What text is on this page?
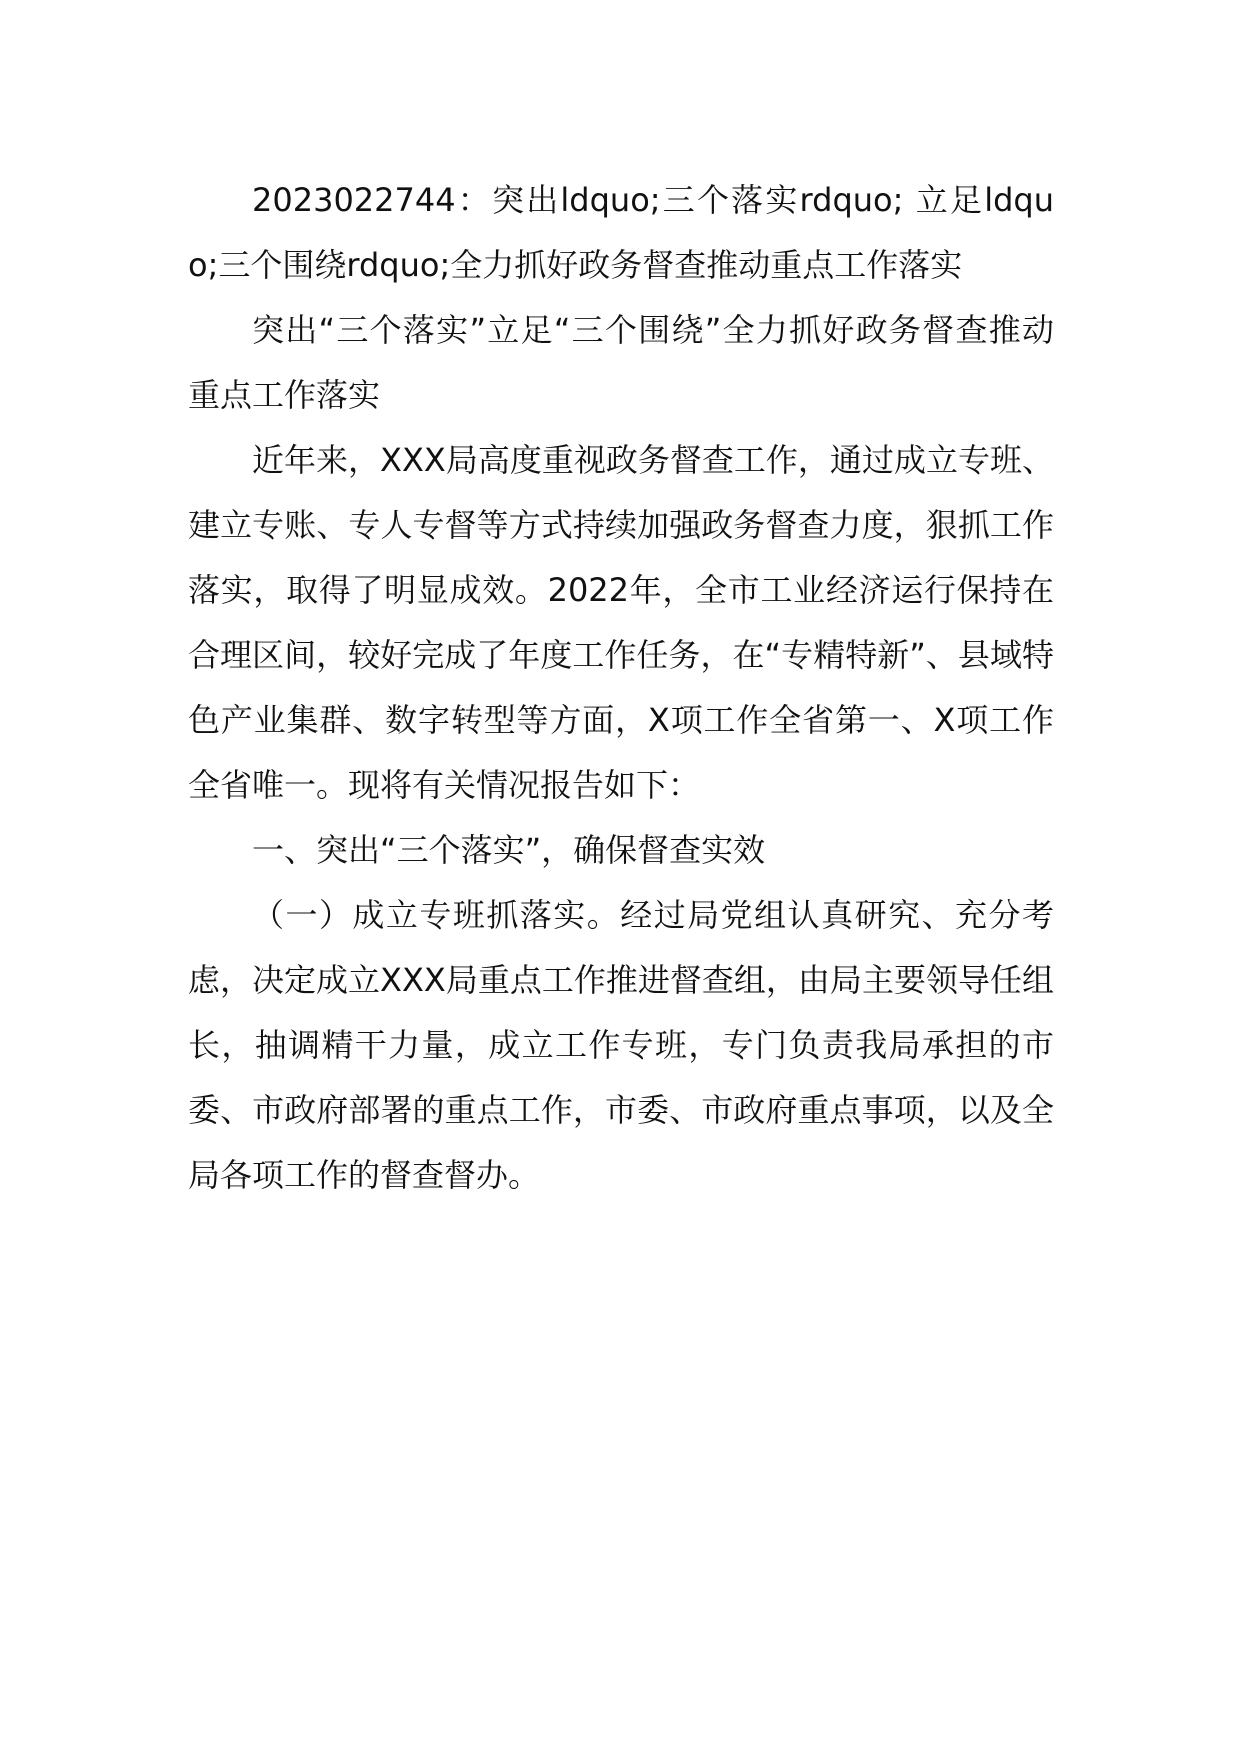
2023022744：突出ldquo;三个落实rdquo; 立足ldquo;三个围绕rdquo;全力抓好政务督查推动重点工作落实

突出“三个落实”立足“三个围绕”全力抓好政务督查推动重点工作落实

近年来，XXX局高度重视政务督查工作，通过成立专班、建立专账、专人专督等方式持续加强政务督查力度，狠抓工作落实，取得了明显成效。2022年，全市工业经济运行保持在合理区间，较好完成了年度工作任务，在“专精特新”、县域特色产业集群、数字转型等方面，X项工作全省第一、X项工作全省唯一。现将有关情况报告如下：

一、突出“三个落实”，确保督查实效

（一）成立专班抓落实。经过局党组认真研究、充分考虑，决定成立XXX局重点工作推进督查组，由局主要领导任组长，抽调精干力量，成立工作专班，专门负责我局承担的市委、市政府部署的重点工作，市委、市政府重点事项，以及全局各项工作的督查督办。
